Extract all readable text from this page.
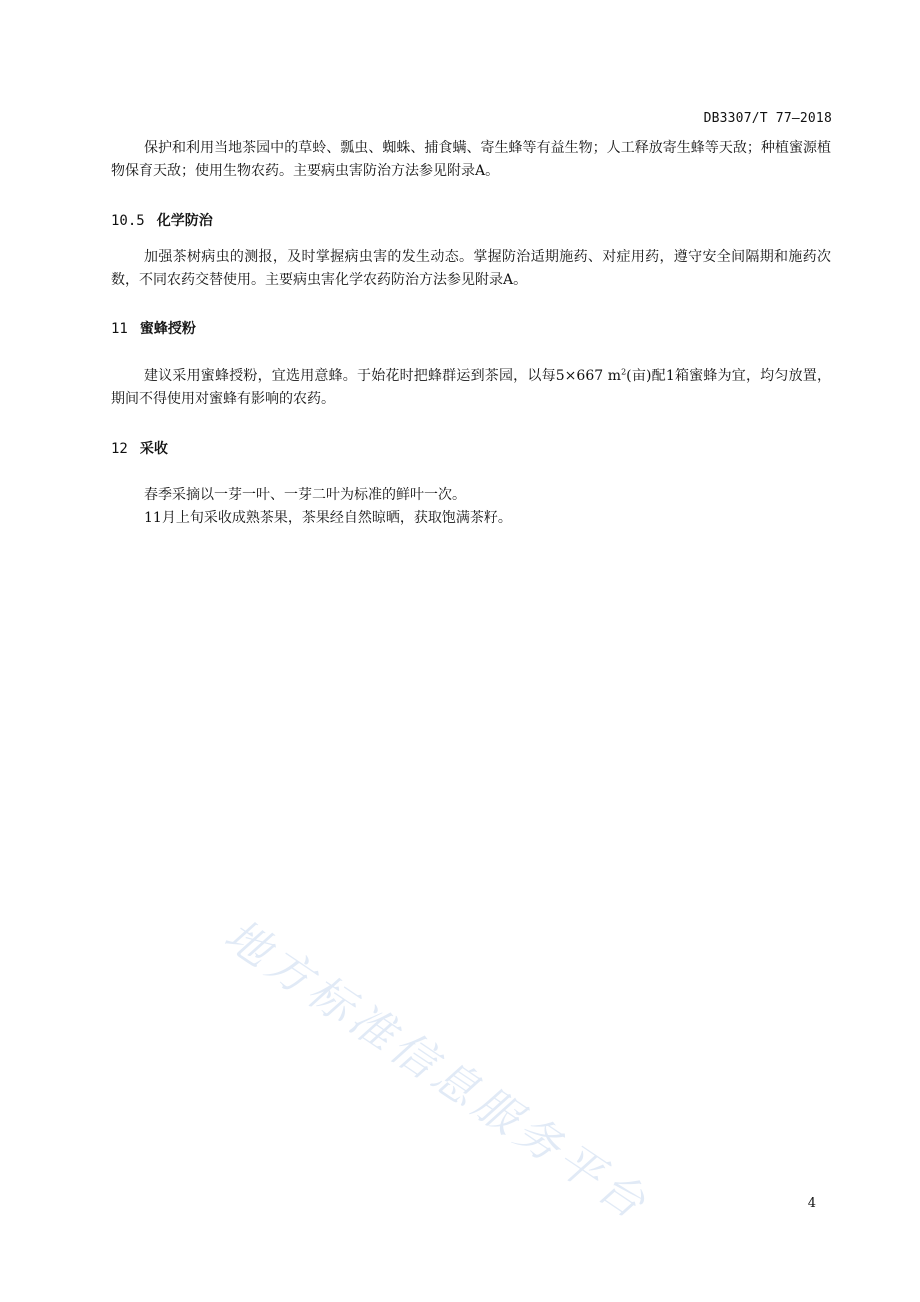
DB3307/T 77—2018

保护和利用当地茶园中的草蛉、瓢虫、蜘蛛、捕食螨、寄生蜂等有益生物；人工释放寄生蜂等天敌；种植蜜源植物保育天敌；使用生物农药。主要病虫害防治方法参见附录A。

10.5 化学防治

加强茶树病虫的测报，及时掌握病虫害的发生动态。掌握防治适期施药、对症用药，遵守安全间隔期和施药次数，不同农药交替使用。主要病虫害化学农药防治方法参见附录A。

11 蜜蜂授粉

建议采用蜜蜂授粉，宜选用意蜂。于始花时把蜂群运到茶园，以每5×667 $m^2$(亩)配1箱蜜蜂为宜，均匀放置，期间不得使用对蜜蜂有影响的农药。

12 采收

春季采摘以一芽一叶、一芽二叶为标准的鲜叶一次。

11月上旬采收成熟茶果，茶果经自然晾晒，获取饱满茶籽。

地方标准信息服务平台	4
